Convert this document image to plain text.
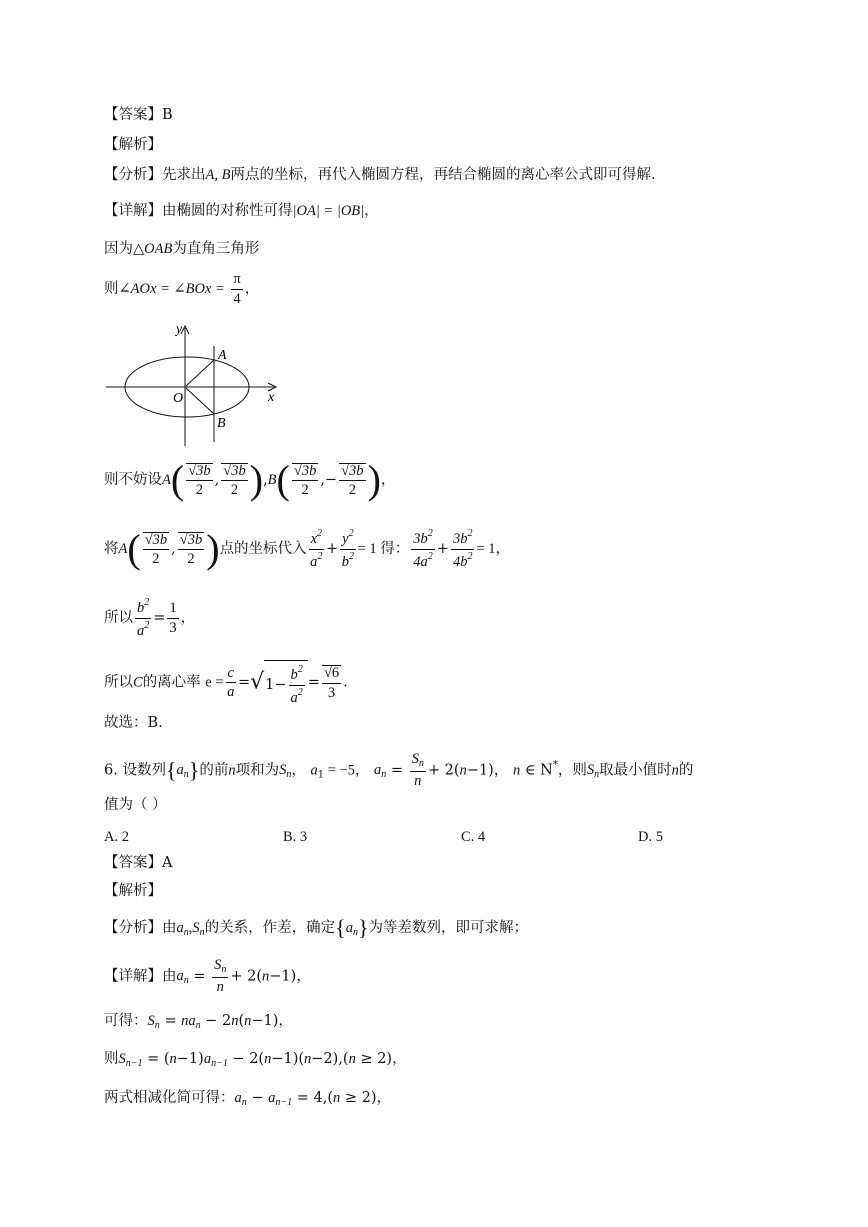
【答案】B
【解析】
【分析】先求出A, B两点的坐标，再代入椭圆方程，再结合椭圆的离心率公式即可得解.
【详解】由椭圆的对称性可得|OA| = |OB|，
因为△OAB为直角三角形
则∠AOx = ∠BOx = $\frac{\pi}{4}$ ，
y
x
O
A
B
则不妨设$A( \frac{√3b}{2}$ , $\frac{√3b}{2} ),B( \frac{√3b}{2}$ ,− $\frac{√3b}{2}$ )，
将$A( \frac{√3b}{2}$ , $\frac{√3b}{2}$ )点的坐标代入 $\frac{x^2}{a^2} + \frac{y^2}{b^2} = 1$ 得： $\frac{3b^2}{4a^2} + \frac{3b^2}{4b^2} = 1$，
所以 $\frac{b^2}{a^2} = \frac{1}{3}$ ，
所以C的离心率 $e = \frac{c}{a} =√1- \frac{b^2}{a^2} = \frac{√6}{3}$ .
故选：B.
6. 设数列$\{a_n\}$的前n项和为$S_n$， $a_1 = -5$， $a_n = \frac{S_n}{n} + 2(n-1)$， n ∈ N*，则$S_n$取最小值时n的
值为（ ）
A. 2	B. 3	C. 4	D. 5
【答案】A
【解析】
【分析】由$a_n,S_n$的关系，作差，确定$\{a_n\}$为等差数列，即可求解；
【详解】由$a_n = \frac{S_n}{n} + 2(n-1)$，
可得：$S_n = na_n - 2n(n-1)$，
则$S_{n-1} = (n-1)a_{n-1} - 2(n-1)(n-2),(n \ge 2)$，
两式相减化简可得：$a_n - a_{n-1} = 4,(n \ge 2)$，
